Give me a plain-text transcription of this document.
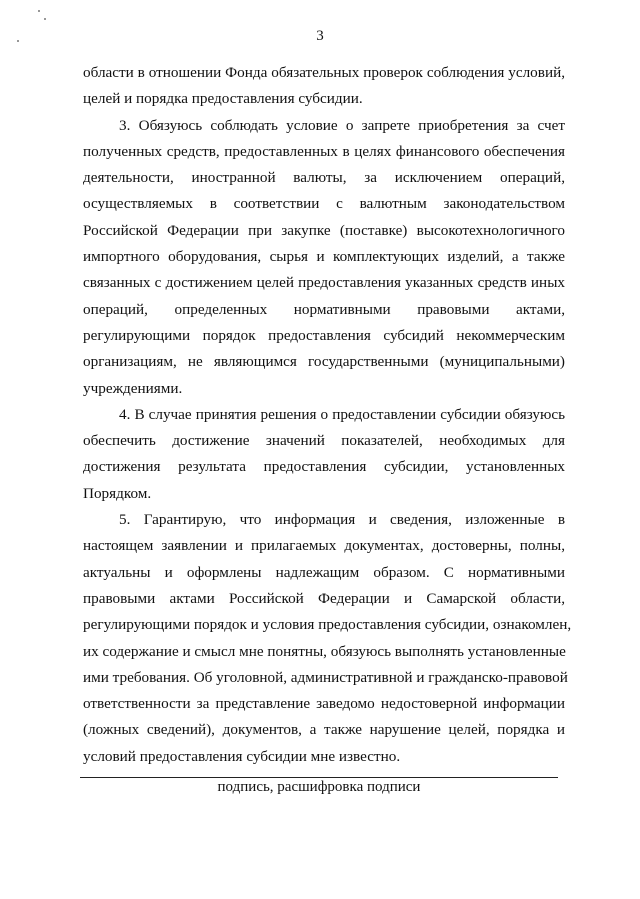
3

области в отношении Фонда обязательных проверок соблюдения условий,
целей и порядка предоставления субсидии.

3. Обязуюсь соблюдать условие о запрете приобретения за счет
полученных средств, предоставленных в целях финансового обеспечения
деятельности, иностранной валюты, за исключением операций,
осуществляемых в соответствии с валютным законодательством
Российской Федерации при закупке (поставке) высокотехнологичного
импортного оборудования, сырья и комплектующих изделий, а также
связанных с достижением целей предоставления указанных средств иных
операций, определенных нормативными правовыми актами,
регулирующими порядок предоставления субсидий некоммерческим
организациям, не являющимся государственными (муниципальными)
учреждениями.

4. В случае принятия решения о предоставлении субсидии обязуюсь
обеспечить достижение значений показателей, необходимых для
достижения результата предоставления субсидии, установленных
Порядком.

5. Гарантирую, что информация и сведения, изложенные в
настоящем заявлении и прилагаемых документах, достоверны, полны,
актуальны и оформлены надлежащим образом. С нормативными
правовыми актами Российской Федерации и Самарской области,
регулирующими порядок и условия предоставления субсидии, ознакомлен,
их содержание и смысл мне понятны, обязуюсь выполнять установленные
ими требования. Об уголовной, административной и гражданско-правовой
ответственности за представление заведомо недостоверной информации
(ложных сведений), документов, а также нарушение целей, порядка и
условий предоставления субсидии мне известно.

подпись, расшифровка подписи
